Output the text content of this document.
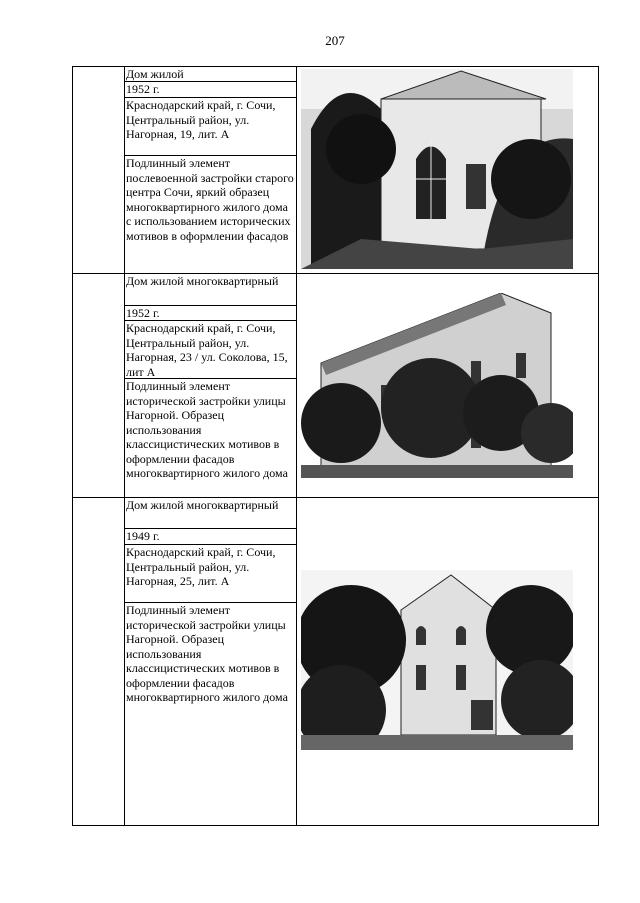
207
Дом жилой
1952 г.
Краснодарский край, г. Сочи,
Центральный район, ул. Нагорная, 19, лит. А
Подлинный элемент послевоенной застройки старого центра Сочи, яркий образец многоквартирного жилого дома с использованием исторических мотивов в оформлении фасадов
Дом жилой многоквартирный
1952 г.
Краснодарский край, г. Сочи, Центральный район, ул. Нагорная, 23 / ул. Соколова, 15, лит А
Подлинный элемент исторической застройки улицы Нагорной. Образец использования классицистических мотивов в оформлении фасадов многоквартирного жилого дома
Дом жилой многоквартирный
1949 г.
Краснодарский край, г. Сочи,
Центральный район, ул. Нагорная, 25, лит. А
Подлинный элемент исторической застройки улицы Нагорной. Образец использования классицистических мотивов в оформлении фасадов многоквартирного жилого дома
